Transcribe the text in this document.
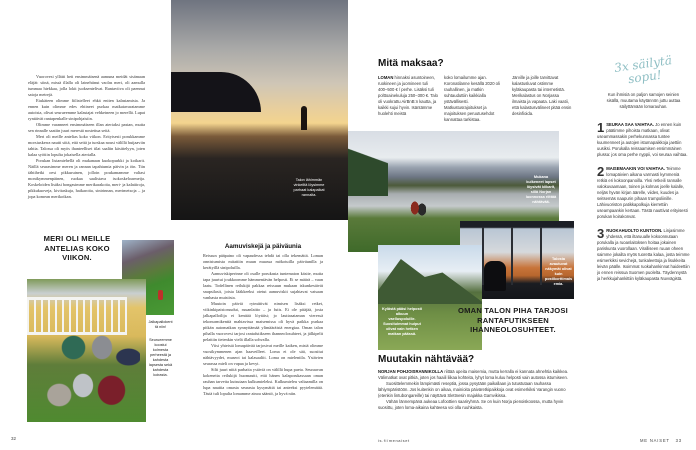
Vuorovesi yllätti heti ensimmäisenä aamuna meidät sisämaan eläjät: siinä, missä illalla oli lainehtinut vaolas meri, oli aamulla tummaa hiekkaa, jolla lokit juoksentelivat. Rantaviiva oli paennut satoja metrejä.

Etukäteen olimme fiilistelleet ehkä eniten kalastamista. Ja ennen kuin olimme edes ehtineet purkaa matkatavaratamme autoista, olivat seurueemme kalastajat vehkeineen jo merellä. Lupat ryntäivät rantapenkalle sinipohjaisiin.

Olimme varanneet ensimmäiseen illan ateriaksi pastan, mutta sen rinnalle saatiin juuri merestä nostettua seitä.

Meri oli meille antelias koko viikon. Erityisesti porukkamme morsiuskerra nautti siitä, että seitä ja turskaa nousi välillä huijaaviin tahtia. Talossa oli myös ihanteelliset tilat saaliin käsittelyyn, joten kalaa syötiin lopulta jokaisella aterialla.

Porukan listamiehellä oli mukanaan kuokopurkki ja koikarit. Näillä seurasimme meren ja rannan tapahtumia päivin ja öin. Tiin tähtihetki oesi pikkuruinen, jolloin poukamamme valtasi monikymmenpäinen, ruokaa saalistava isokoskeloarmeija. Koskeloiden lisäksi bongasimme merikarakoita, meri- ja kalatiiroja, pikkukuoveja, kivitaskuja, haikaroita, sinirinnan, merimetsoja – ja jopa komean merikotkan.

Talon lähimmän vinkeiltä löysimme parhaat kalapaikat rannalta.
MERI OLI MEILLE ANTELIAS KOKO VIIKON.
Jalkapallokenttä niin!
Seurueemme koostui kolmesta perheestä ja kahdesta lapsesta sekä kahdesta koirasta.
Aamuviskejä ja päiväunia

Reissun pääpaino oli vapaudessa tehdä tai olla tekemättä. Loman onnistumista mitattiin muun muassa mökotuilla päiväunilla ja kerätyillä sinipoluilla.

Aamuviskiperinne oli osalle porukasta tuntematon käsite, mutta tapa juurtui joukkoomme hämmentävän helposti. Ei se määrä – vaan laatu. Todellinen reilukijä pakkaa reissuun mukaan iskunkestävät snapsilasit, joista lääkkeeksi otetut aamuviskit sujahtavat vatsaan vanhasta muistista.

Muutoin päiviä rytmittivät nimisen lisäksi retket, viikinkipaistoruudut, ruuanlaitto – ja futis. Ei ole pitäjää, josta jalkapalloilija ei kenttää löytäisi; jo lauttasataman vieressä tekonurmikenttä mahtavissa maisemissa oli hyvä paikka purkaa pitkän automatkan synnyttämää ylimääräistä energiaa. Oman talon pihalla vuorovesi tarjosi rantafutikseen ihanneolosuhteet, ja jälkipelit pelattiin tietenkin vielä illalla sohvalla.

Viisi yhteistä lomapäivää tarjosivat meille kaiken, mistä olimme vuosikymmenen ajan haaveilleet. Loma ei ole sää, suositut nähtävyydet, museot tai kalasaaliit. Loma on mielentila. Ystävien seurassa mieli on vapaa ja kevyt.

Silti juuri niitä parhaita ystäviä on välillä hupa paeta. Seuraavan kokeneita reilukijä huomautti, että hänen kalaporukassaan oman rauhan tarvetta kutsutaan kulkumieleksi. Kulkumieleu valtaamilla on lupa nauttia omasta seurasta kysymättä tai anteeksi pyytelemättä. Tästä tuli lopulta lomamme ainoa sääntö, ja hyvä niin.

32
Mitä maksaa?
LOMAN hinnaksi asuntoineen, ruokineen ja juomineen tuli 400–500 € / perhe. Lisäksi tuli polttoainekuluja 250–300 €. Talo oli vuokrattu AirBnB:n kautta, ja kaikki sujui hyvin. Isäntämme huolehti meistä
koko lomailumme ajan. Koronatilanne kesällä 2020 oli rauhallinen, ja matkin suhtauduttiin kaikkialla ystävällisesti. Matkustusrajoitukset ja majoituksen peruutusehdot kannattaa tarkistaa.
Järville ja joille tarvittavat kalastusluvat ostimme kyläkaupasta tai internetistä. Merikalastus on Norjassa ilmaista ja vapaata. Laki vaatii, että kalastusvälineet pitää ensin desinfioida.
Mukana kulkeneet lapset löysivät kiikarit, sillä Norjan luonnossa riittää nähtävää.
Talosta avautuvat näkymät olivat kuin postikorttimaisemia.
Kylästä pääsi helposti alkuun vaelluspoluille. Suosituimmat huiput olivat vain hetken matkan päässä.
OMAN TALON PIHA TARJOSI RANTAFUTIKSEEN IHANNEOLOSUHTEET.
Muutakin nähtävää?

NORJAN POHJOISRANNIKOLLA riittää upeita maisemia, mutta kerralla ei kannata ahnehtia kaikkea. Välimatkat ovat pitkiä, joten jos haaili liikaa kohteita, lyhyt loma kuluu helposti vain autossa istumiseen.

Suosittelemmekin lämpimästi reseptiä, jossa pysytään paikallaan ja tutustutaan rauhassa lähiympäristöön. Jos kuitenkin on aikaa, mainioita päiväretkipaikkoja ovat esimerkiksi Varangin vuono (etenkin lintubongareille) tai näyttävä Slettnesin majakka Gamvikissa.

Vähän lännempänä aukeaa Lofoottien saariryhmä. Se on kuin Norja pienoiskoossa, mutta hyvin suosittu, joten loma-aikaina kahteesa voi olla ruuhkaista.

is.fi/menaiset
3x säilytä sopu!
Kun ihmisiä on paljon samojen seinien sisällä, muutama käytännön juttu auttaa säilyttämään lomarauhan.
1 SEURAA SAA VAIHTAA. Jo ennen kuin päätimme pihoista matkaan, olivat useammassakin perhekunnassa tuntee kuumenneet ja autojen istumapaikkoja jaettiin uusiksi. Porukalla reissaamisen ensimmäinen plussa: jos oma perhe nyppii, voi seuraa vaihtaa.
2 MAISEMAAKIN VOI VAIHTAA. Teimme lomapäivien aikana varmasti kymmeniä retkiä eri kokoonpanoilla. Yksi retkeili rannalle valokuvaamaan, toinen ja kolmas joelle kalalle, neljäs hyvän kirjan äärelle, viides, kuudes ja seitsemäs naapurin pihaan trampoliinille. Lähivuoriston patikkapolkuja kierrettiin useampaankin kertaan. Tästä nauttivat erityisesti porukan koirakonvat.
3 RUOKAHUOLTO KUNTOON. Linjasimme yhdessä, että iltaruualle kokoonnutaan porukalla ja ruoanlaitoksen hoitaa jokainen pariskunta vuorollaan. Viralliseen ruuan oheen saimme jokailta myös tuoretta kalaa, josta teimme esimerkiksi sevichejä, tunkaleettoja ja lisukkeita leivän päälle. Isoimmat ruokahankinnat haideettiin jo ennen reissua Suomen puolelta. Täydennystä ja herkkujahankittiin kyläkaupasta Nuvvägistä.
ME NAISET 33
